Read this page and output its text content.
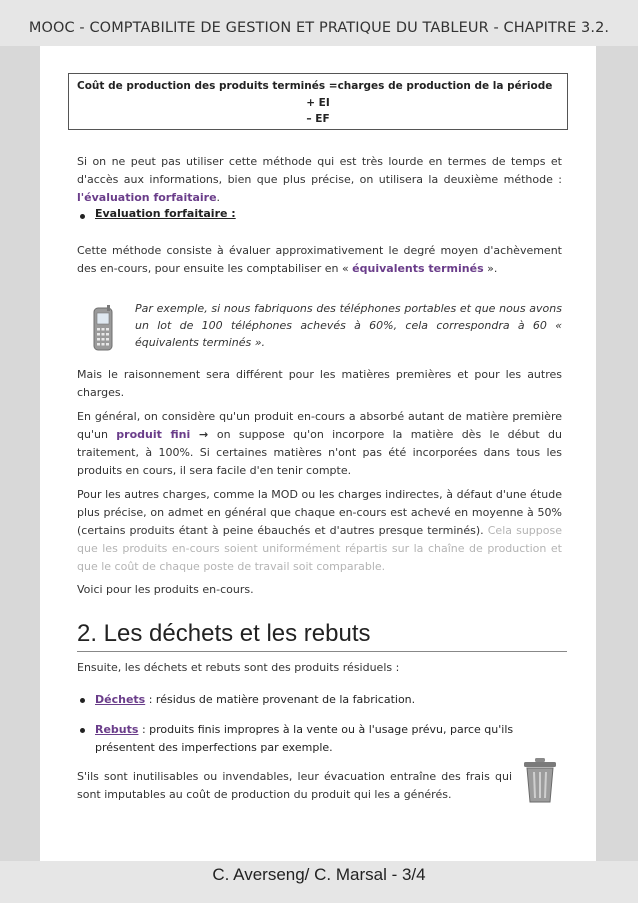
MOOC - COMPTABILITE DE GESTION ET PRATIQUE DU TABLEUR - CHAPITRE 3.2.
Coût de production des produits terminés =charges de production de la période
+ EI
– EF
Si on ne peut pas utiliser cette méthode qui est très lourde en termes de temps et d'accès aux informations, bien que plus précise, on utilisera la deuxième méthode : l'évaluation forfaitaire.
Evaluation forfaitaire :
Cette méthode consiste à évaluer approximativement le degré moyen d'achèvement des en-cours, pour ensuite les comptabiliser en « équivalents terminés ».
Par exemple, si nous fabriquons des téléphones portables et que nous avons un lot de 100 téléphones achevés à 60%, cela correspondra à 60 « équivalents terminés ».
Mais le raisonnement sera différent pour les matières premières et pour les autres charges.
En général, on considère qu'un produit en-cours a absorbé autant de matière première qu'un produit fini → on suppose qu'on incorpore la matière dès le début du traitement, à 100%. Si certaines matières n'ont pas été incorporées dans tous les produits en cours, il sera facile d'en tenir compte.
Pour les autres charges, comme la MOD ou les charges indirectes, à défaut d'une étude plus précise, on admet en général que chaque en-cours est achevé en moyenne à 50% (certains produits étant à peine ébauchés et d'autres presque terminés). Cela suppose que les produits en-cours soient uniformément répartis sur la chaîne de production et que le coût de chaque poste de travail soit comparable.
Voici pour les produits en-cours.
2. Les déchets et les rebuts
Ensuite, les déchets et rebuts sont des produits résiduels :
Déchets : résidus de matière provenant de la fabrication.
Rebuts : produits finis impropres à la vente ou à l'usage prévu, parce qu'ils présentent des imperfections par exemple.
S'ils sont inutilisables ou invendables, leur évacuation entraîne des frais qui sont imputables au coût de production du produit qui les a générés.
C. Averseng/ C. Marsal - 3/4
